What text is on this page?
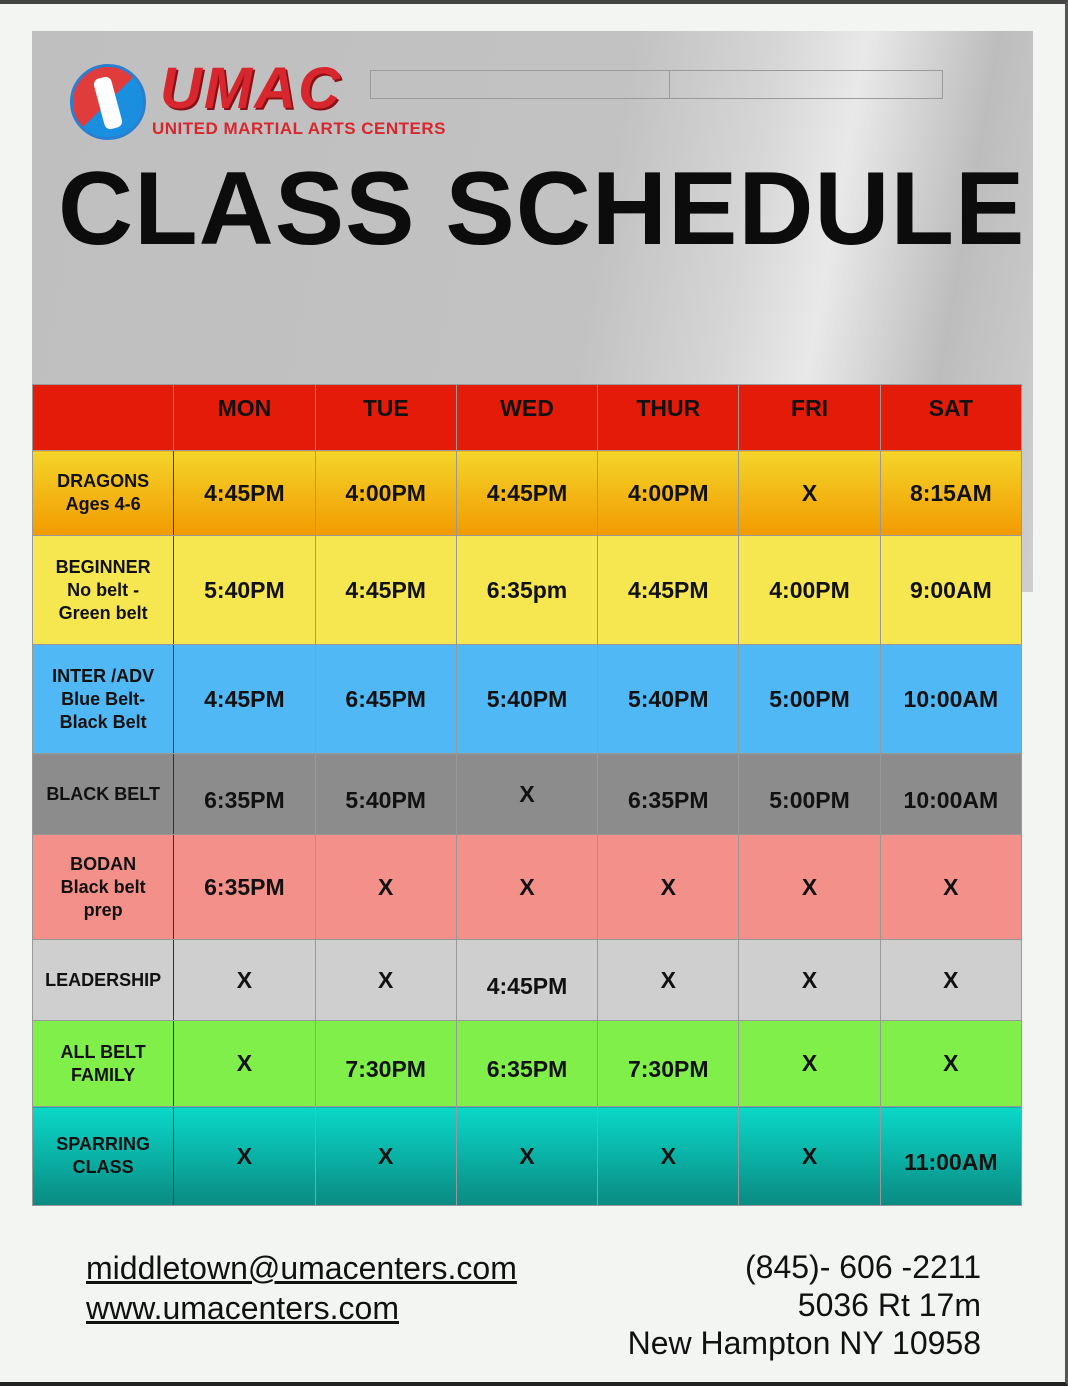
UMAC
UNITED MARTIAL ARTS CENTERS
CLASS SCHEDULE
	MON	TUE	WED	THUR	FRI	SAT

DRAGONS
Ages 4-6	4:45PM	4:00PM	4:45PM	4:00PM	X	8:15AM

BEGINNER
No belt -
Green belt	5:40PM	4:45PM	6:35pm	4:45PM	4:00PM	9:00AM

INTER /ADV
Blue Belt-
Black Belt	4:45PM	6:45PM	5:40PM	5:40PM	5:00PM	10:00AM

BLACK BELT	6:35PM	5:40PM	X	6:35PM	5:00PM	10:00AM

BODAN
Black belt
prep	6:35PM	X	X	X	X	X

LEADERSHIP	X	X	4:45PM	X	X	X

ALL BELT
FAMILY	X	7:30PM	6:35PM	7:30PM	X	X

SPARRING
CLASS	X	X	X	X	X	11:00AM
middletown@umacenters.com
www.umacenters.com
(845)- 606 -2211
5036 Rt 17m
New Hampton NY 10958
